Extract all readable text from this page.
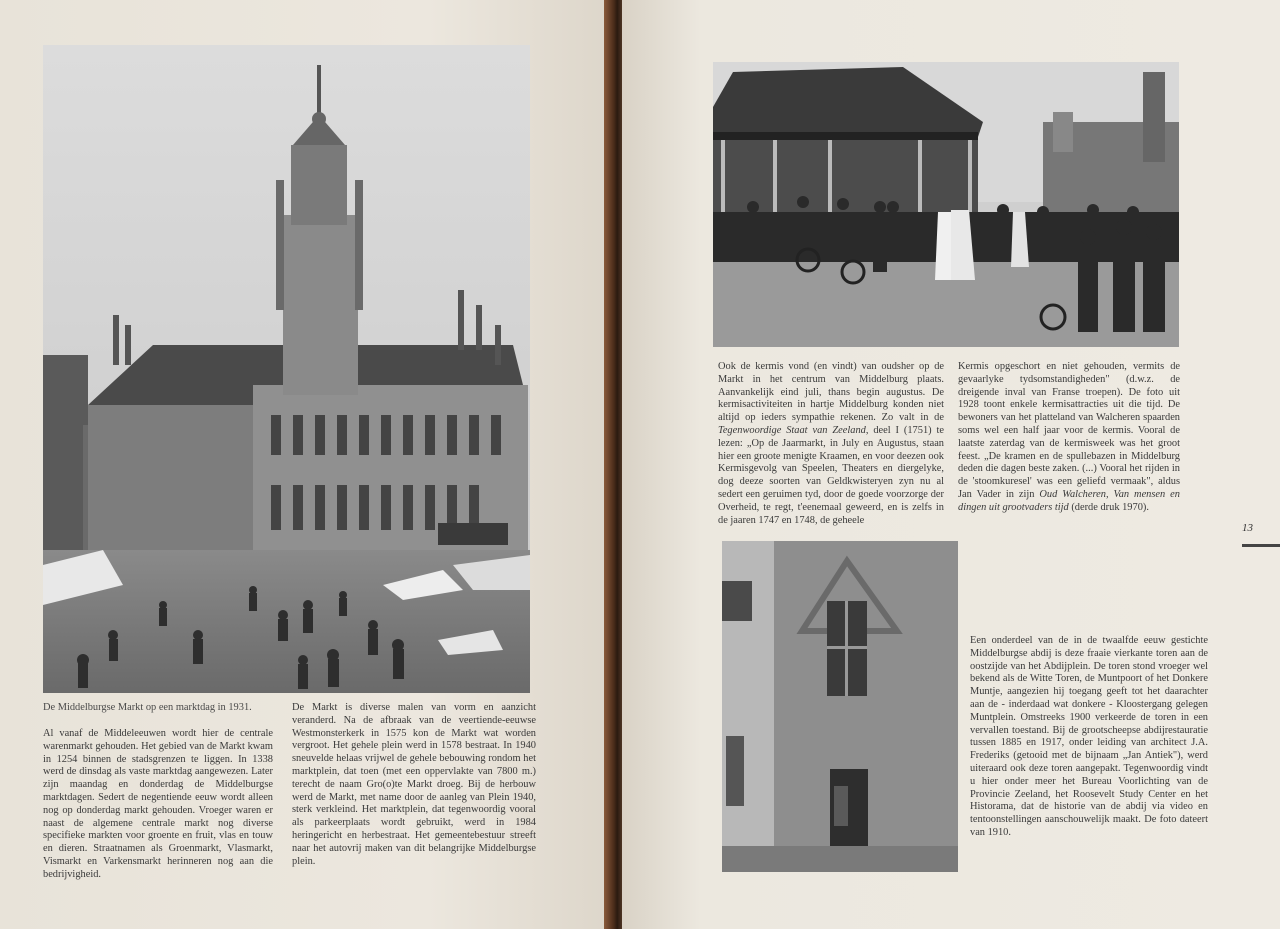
De Middelburgse Markt op een marktdag in 1931.

Al vanaf de Middeleeuwen wordt hier de centrale warenmarkt gehouden. Het gebied van de Markt kwam in 1254 binnen de stadsgrenzen te liggen. In 1338 werd de dinsdag als vaste marktdag aangewezen. Later zijn maandag en donderdag de Middelburgse marktdagen. Sedert de negentiende eeuw wordt alleen nog op donderdag markt gehouden. Vroeger waren er naast de algemene centrale markt nog diverse specifieke markten voor groente en fruit, vlas en touw en dieren. Straatnamen als Groenmarkt, Vlasmarkt, Vismarkt en Varkensmarkt herinneren nog aan die bedrijvigheid.

De Markt is diverse malen van vorm en aanzicht veranderd. Na de afbraak van de veertiende-eeuwse Westmonsterkerk in 1575 kon de Markt wat worden vergroot. Het gehele plein werd in 1578 bestraat. In 1940 sneuvelde helaas vrijwel de gehele bebouwing rondom het marktplein, dat toen (met een oppervlakte van 7800 m.) terecht de naam Gro(o)te Markt droeg. Bij de herbouw werd de Markt, met name door de aanleg van Plein 1940, sterk verkleind. Het marktplein, dat tegenwoordig vooral als parkeerplaats wordt gebruikt, werd in 1984 heringericht en herbestraat. Het gemeentebestuur streeft naar het autovrij maken van dit belangrijke Middelburgse plein.

Ook de kermis vond (en vindt) van oudsher op de Markt in het centrum van Middelburg plaats. Aanvankelijk eind juli, thans begin augustus. De kermisactiviteiten in hartje Middelburg konden niet altijd op ieders sympathie rekenen. Zo valt in de Tegenwoordige Staat van Zeeland, deel I (1751) te lezen: „Op de Jaarmarkt, in July en Augustus, staan hier een groote menigte Kraamen, en voor deezen ook Kermisgevolg van Speelen, Theaters en diergelyke, dog deeze soorten van Geldkwisteryen zyn nu al sedert een geruimen tyd, door de goede voorzorge der Overheid, te regt, t'eenemaal geweerd, en is zelfs in de jaaren 1747 en 1748, de geheele

Kermis opgeschort en niet gehouden, vermits de gevaarlyke tydsomstandigheden" (d.w.z. de dreigende inval van Franse troepen). De foto uit 1928 toont enkele kermisattracties uit die tijd. De bewoners van het platteland van Walcheren spaarden soms wel een half jaar voor de kermis. Vooral de laatste zaterdag van de kermisweek was het groot feest. „De kramen en de spullebazen in Middelburg deden die dagen beste zaken. (...) Vooral het rijden in de 'stoomkuresel' was een geliefd vermaak", aldus Jan Vader in zijn Oud Walcheren, Van mensen en dingen uit grootvaders tijd (derde druk 1970).

Een onderdeel van de in de twaalfde eeuw gestichte Middelburgse abdij is deze fraaie vierkante toren aan de oostzijde van het Abdijplein. De toren stond vroeger wel bekend als de Witte Toren, de Muntpoort of het Donkere Muntje, aangezien hij toegang geeft tot het daarachter aan de - inderdaad wat donkere - Kloostergang gelegen Muntplein. Omstreeks 1900 verkeerde de toren in een vervallen toestand. Bij de grootscheepse abdijrestauratie tussen 1885 en 1917, onder leiding van architect J.A. Frederiks (getooid met de bijnaam „Jan Antiek"), werd uiteraard ook deze toren aangepakt. Tegenwoordig vindt u hier onder meer het Bureau Voorlichting van de Provincie Zeeland, het Roosevelt Study Center en het Historama, dat de historie van de abdij via video en tentoonstellingen aanschouwelijk maakt. De foto dateert van 1910.

13
